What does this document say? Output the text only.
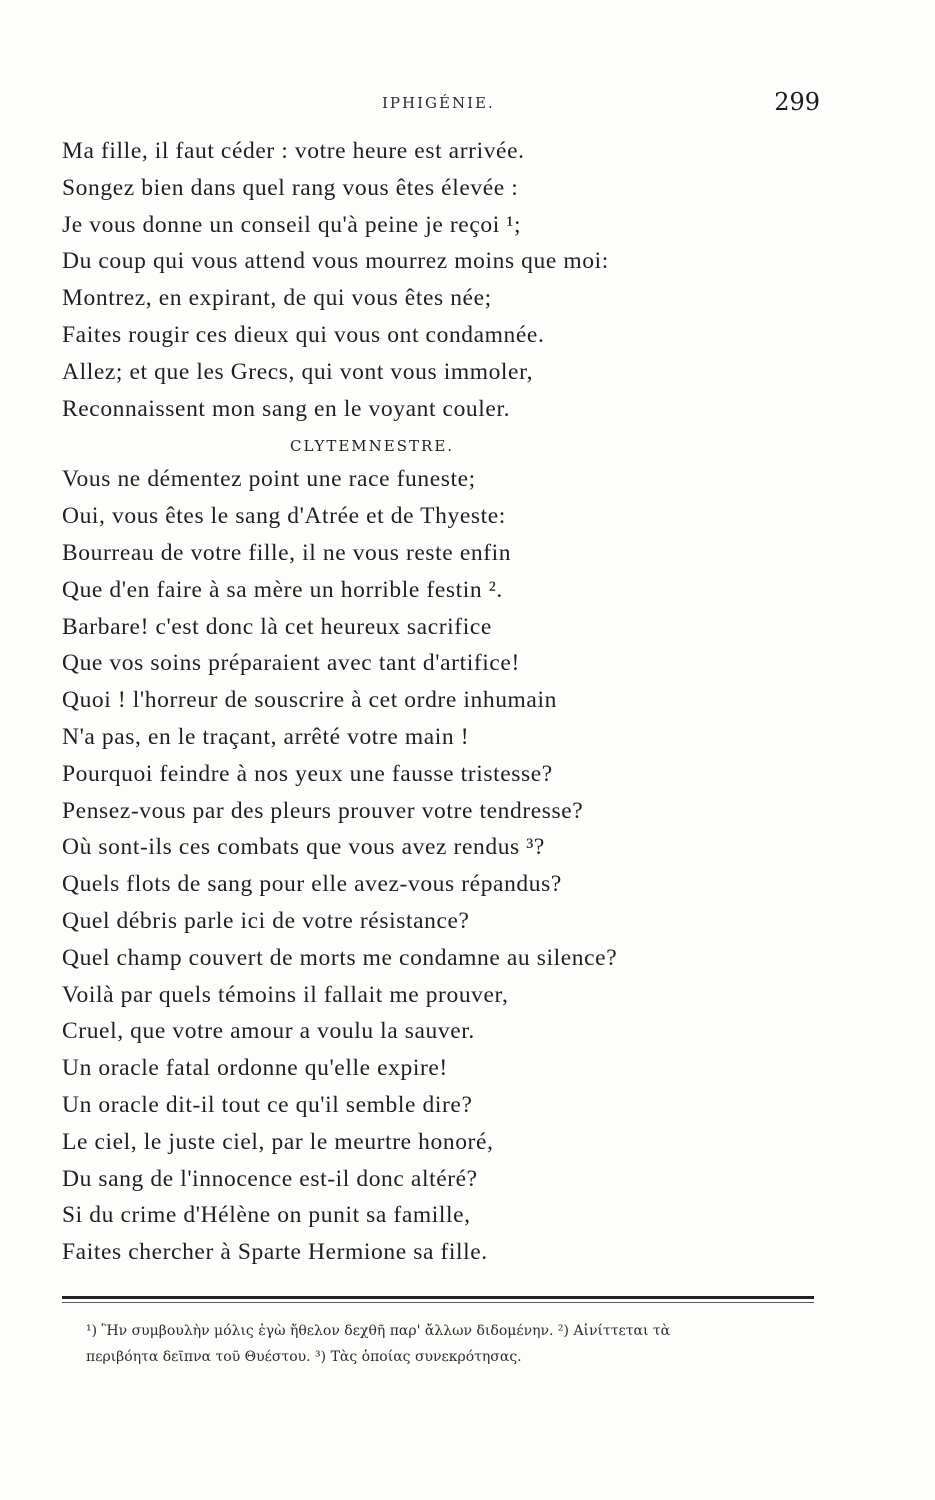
IPHIGÉNIE.	299
Ma fille, il faut céder : votre heure est arrivée.
Songez bien dans quel rang vous êtes élevée :
Je vous donne un conseil qu'à peine je reçoi ¹;
Du coup qui vous attend vous mourrez moins que moi:
Montrez, en expirant, de qui vous êtes née;
Faites rougir ces dieux qui vous ont condamnée.
Allez; et que les Grecs, qui vont vous immoler,
Reconnaissent mon sang en le voyant couler.
CLYTEMNESTRE.
Vous ne démentez point une race funeste;
Oui, vous êtes le sang d'Atrée et de Thyeste:
Bourreau de votre fille, il ne vous reste enfin
Que d'en faire à sa mère un horrible festin ².
Barbare! c'est donc là cet heureux sacrifice
Que vos soins préparaient avec tant d'artifice!
Quoi ! l'horreur de souscrire à cet ordre inhumain
N'a pas, en le traçant, arrêté votre main !
Pourquoi feindre à nos yeux une fausse tristesse?
Pensez-vous par des pleurs prouver votre tendresse?
Où sont-ils ces combats que vous avez rendus ³?
Quels flots de sang pour elle avez-vous répandus?
Quel débris parle ici de votre résistance?
Quel champ couvert de morts me condamne au silence?
Voilà par quels témoins il fallait me prouver,
Cruel, que votre amour a voulu la sauver.
Un oracle fatal ordonne qu'elle expire!
Un oracle dit-il tout ce qu'il semble dire?
Le ciel, le juste ciel, par le meurtre honoré,
Du sang de l'innocence est-il donc altéré?
Si du crime d'Hélène on punit sa famille,
Faites chercher à Sparte Hermione sa fille.
¹) Ἣν συμβουλὴν μόλις ἐγὼ ἤθελον δεχθῆ παρ' ἄλλων διδομένην. ²) Αἰνίττεται τὰ
περιβόητα δεῖπνα τοῦ Θυέστου. ³) Τὰς ὁποίας συνεκρότησας.
